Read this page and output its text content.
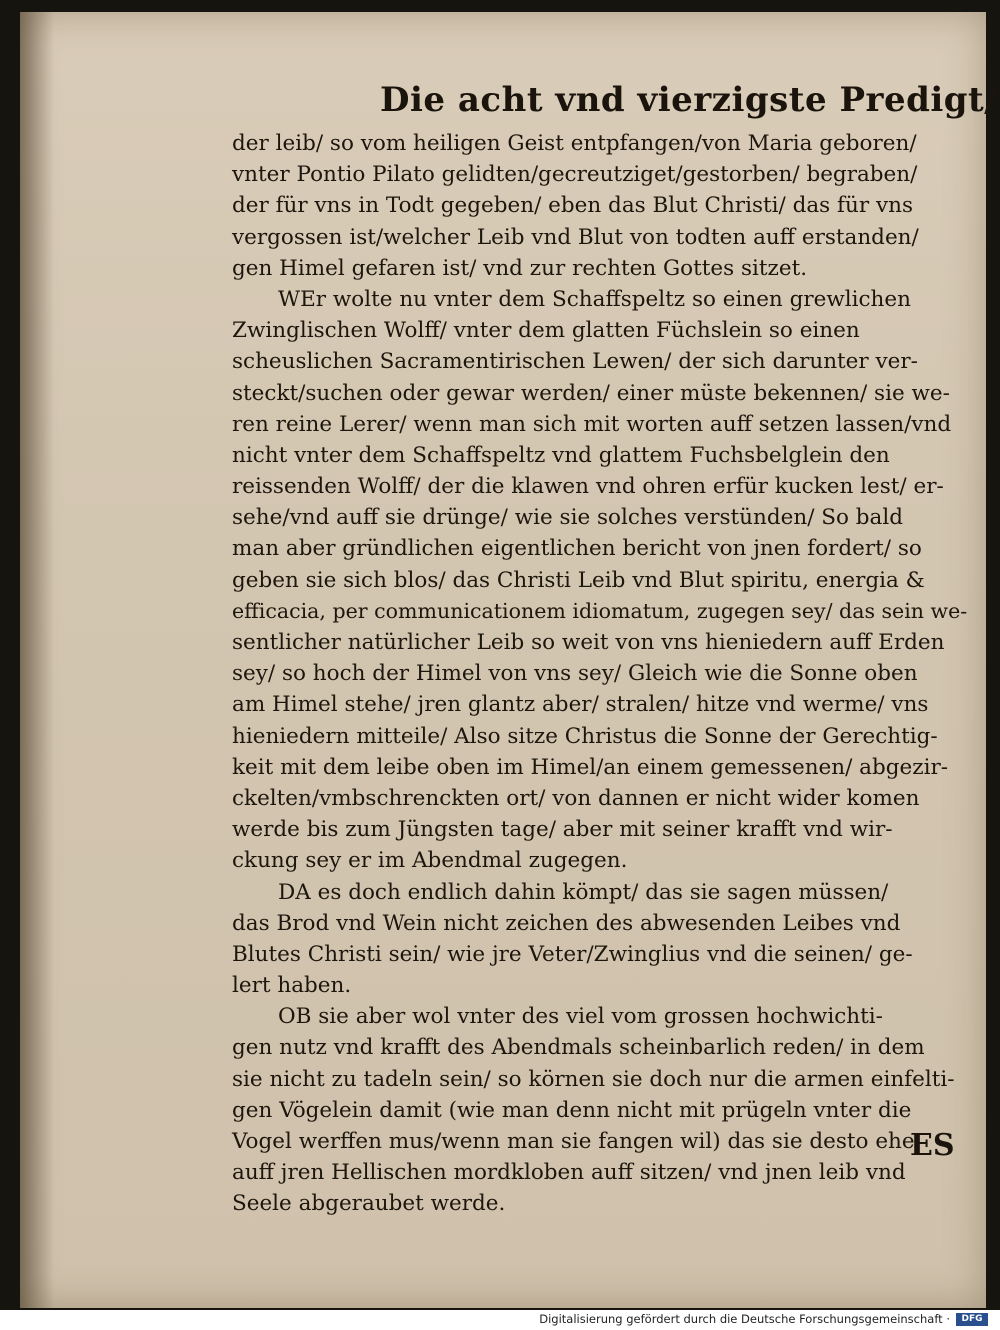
Die acht vnd vierzigste Predigt/
der leib/ so vom heiligen Geist entpfangen/von Maria geboren/
vnter Pontio Pilato gelidten/gecreutziget/gestorben/ begraben/
der für vns in Todt gegeben/ eben das Blut Christi/ das für vns
vergossen ist/welcher Leib vnd Blut von todten auff erstanden/
gen Himel gefaren ist/ vnd zur rechten Gottes sitzet.
WEr wolte nu vnter dem Schaffspeltz so einen grewlichen
Zwinglischen Wolff/ vnter dem glatten Füchslein so einen
scheuslichen Sacramentirischen Lewen/ der sich darunter ver-
steckt/suchen oder gewar werden/ einer müste bekennen/ sie we-
ren reine Lerer/ wenn man sich mit worten auff setzen lassen/vnd
nicht vnter dem Schaffspeltz vnd glattem Fuchsbelglein den
reissenden Wolff/ der die klawen vnd ohren erfür kucken lest/ er-
sehe/vnd auff sie drünge/ wie sie solches verstünden/ So bald
man aber gründlichen eigentlichen bericht von jnen fordert/ so
geben sie sich blos/ das Christi Leib vnd Blut spiritu, energia &
efficacia, per communicationem idiomatum, zugegen sey/ das sein we-
sentlicher natürlicher Leib so weit von vns hieniedern auff Erden
sey/ so hoch der Himel von vns sey/ Gleich wie die Sonne oben
am Himel stehe/ jren glantz aber/ stralen/ hitze vnd werme/ vns
hieniedern mitteile/ Also sitze Christus die Sonne der Gerechtig-
keit mit dem leibe oben im Himel/an einem gemessenen/ abgezir-
ckelten/vmbschrenckten ort/ von dannen er nicht wider komen
werde bis zum Jüngsten tage/ aber mit seiner krafft vnd wir-
ckung sey er im Abendmal zugegen.
DA es doch endlich dahin kömpt/ das sie sagen müssen/
das Brod vnd Wein nicht zeichen des abwesenden Leibes vnd
Blutes Christi sein/ wie jre Veter/Zwinglius vnd die seinen/ ge-
lert haben.
OB sie aber wol vnter des viel vom grossen hochwichti-
gen nutz vnd krafft des Abendmals scheinbarlich reden/ in dem
sie nicht zu tadeln sein/ so körnen sie doch nur die armen einfelti-
gen Vögelein damit (wie man denn nicht mit prügeln vnter die
Vogel werffen mus/wenn man sie fangen wil) das sie desto ehe
auff jren Hellischen mordkloben auff sitzen/ vnd jnen leib vnd
Seele abgeraubet werde.
ES
Digitalisierung gefördert durch die Deutsche Forschungsgemeinschaft ·	DFG
